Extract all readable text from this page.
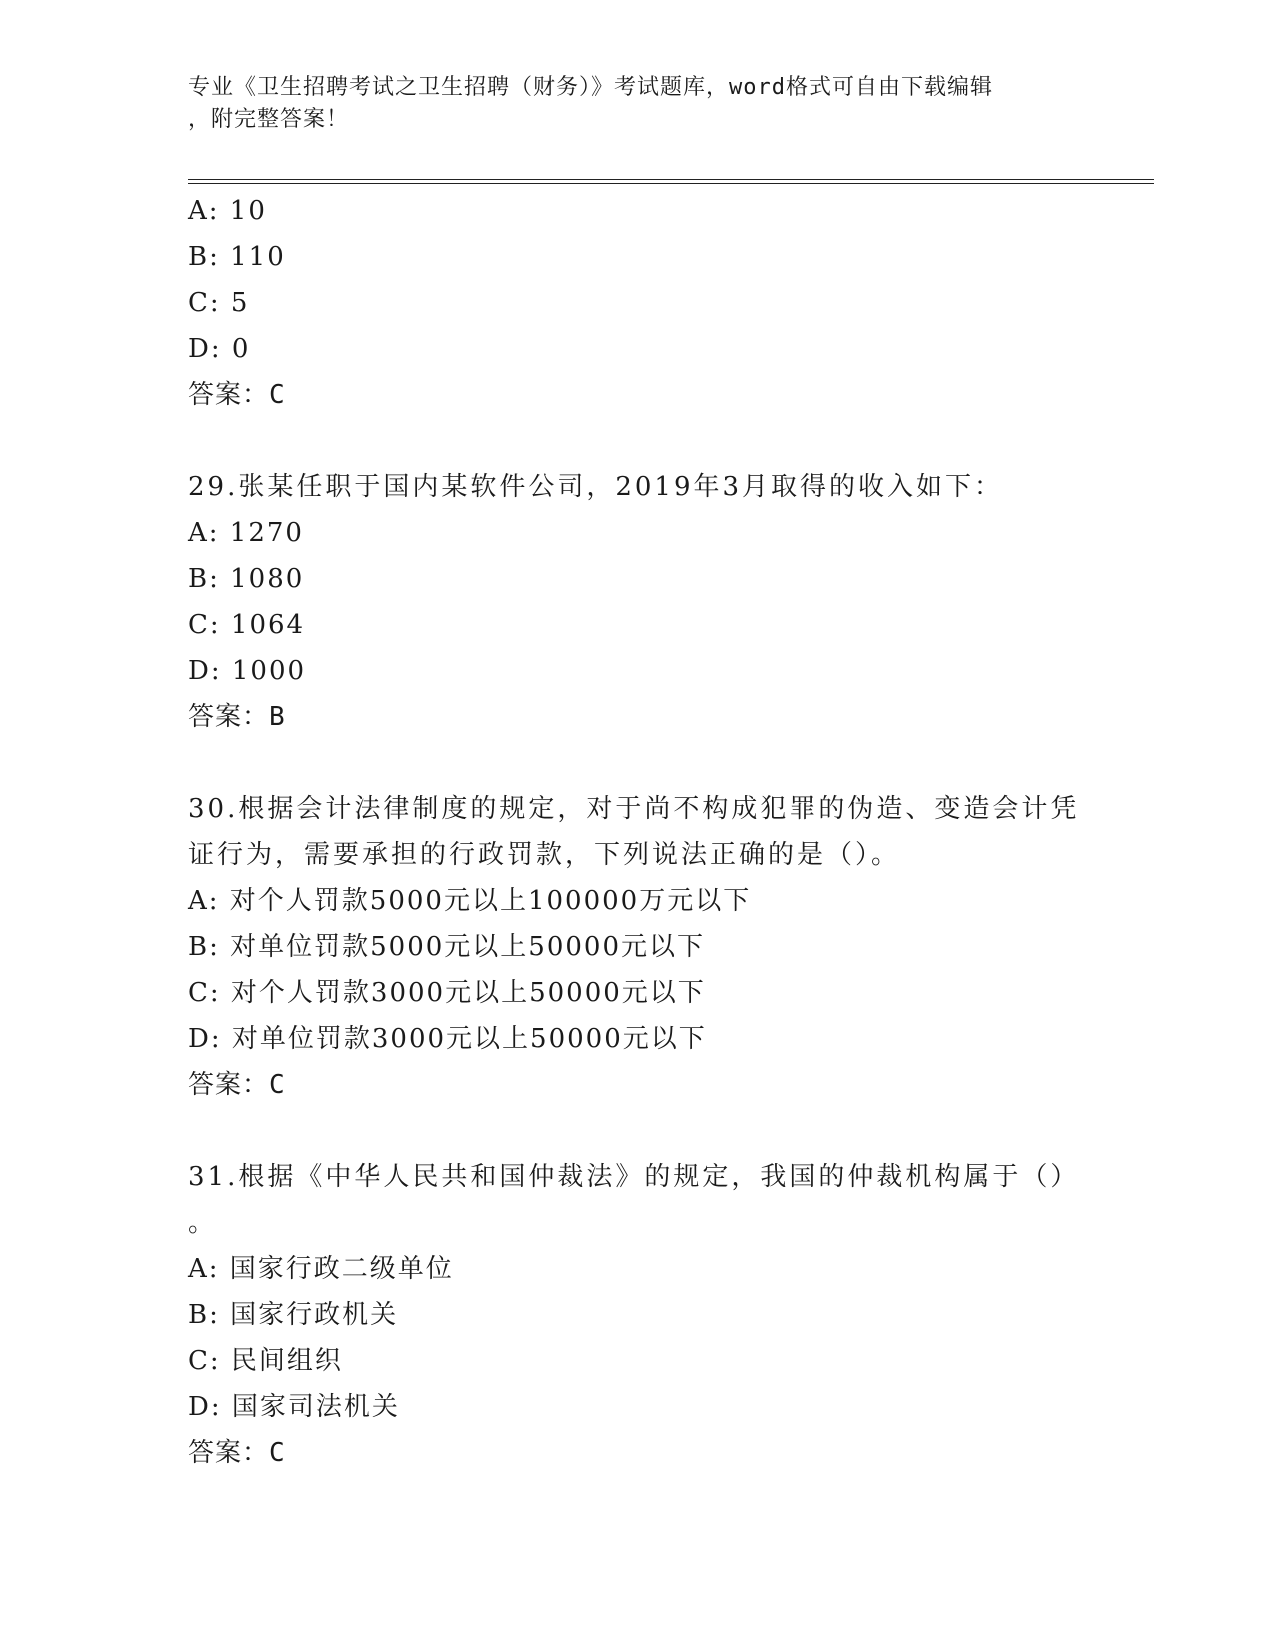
专业《卫生招聘考试之卫生招聘（财务）》考试题库，word格式可自由下载编辑
，附完整答案！
A: 10
B: 110
C: 5
D: 0
答案：C
29.张某任职于国内某软件公司，2019年3月取得的收入如下：
A: 1270
B: 1080
C: 1064
D: 1000
答案：B
30.根据会计法律制度的规定，对于尚不构成犯罪的伪造、变造会计凭
证行为，需要承担的行政罚款，下列说法正确的是（）。
A: 对个人罚款5000元以上100000万元以下
B: 对单位罚款5000元以上50000元以下
C: 对个人罚款3000元以上50000元以下
D: 对单位罚款3000元以上50000元以下
答案：C
31.根据《中华人民共和国仲裁法》的规定，我国的仲裁机构属于（）
。
A: 国家行政二级单位
B: 国家行政机关
C: 民间组织
D: 国家司法机关
答案：C
